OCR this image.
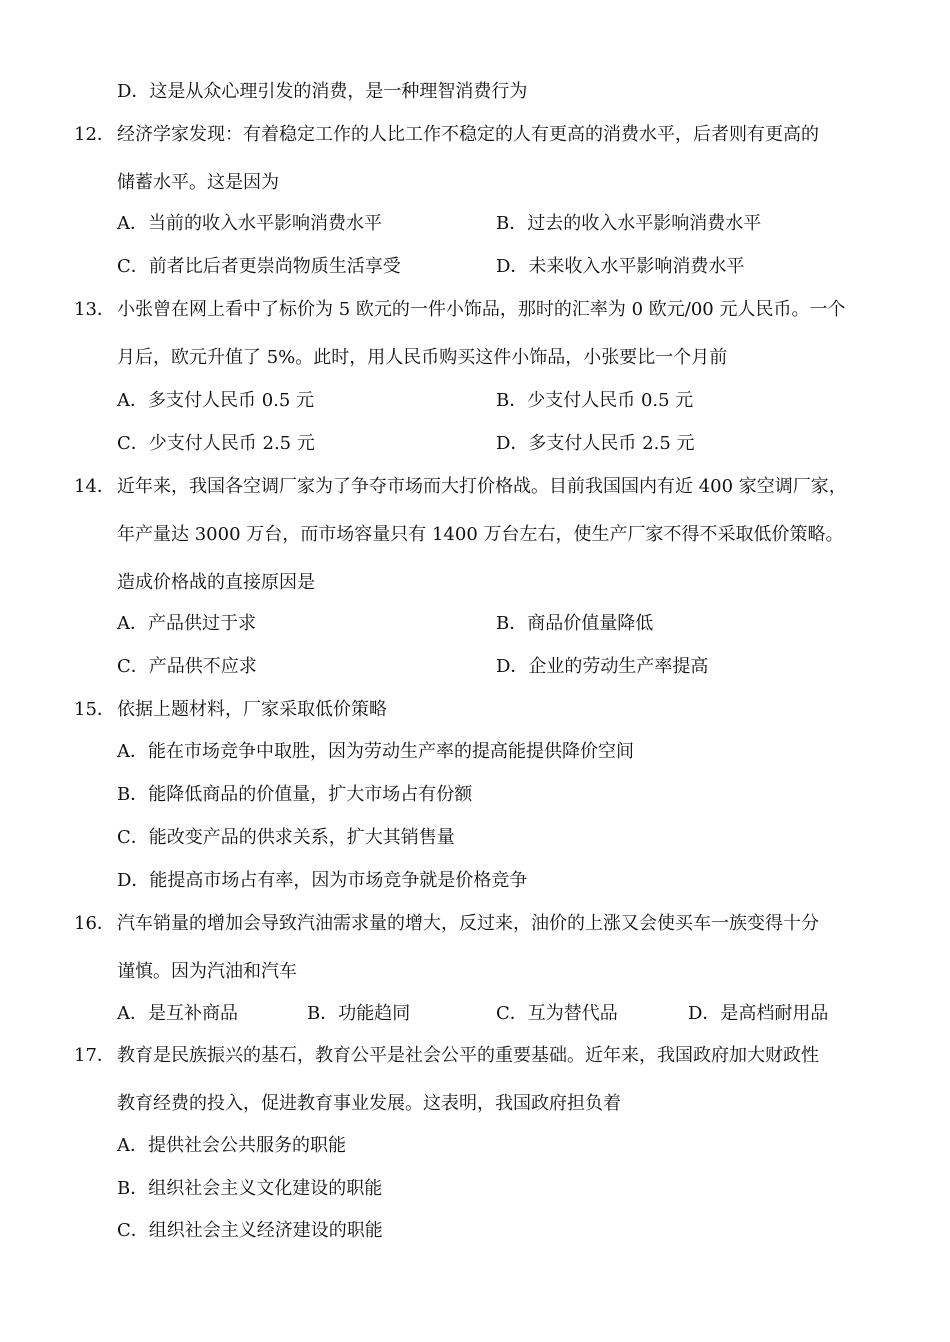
D．这是从众心理引发的消费，是一种理智消费行为
12． 经济学家发现：有着稳定工作的人比工作不稳定的人有更高的消费水平，后者则有更高的
储蓄水平。这是因为
A．当前的收入水平影响消费水平	B．过去的收入水平影响消费水平
C．前者比后者更崇尚物质生活享受	D．未来收入水平影响消费水平
13． 小张曾在网上看中了标价为 5 欧元的一件小饰品，那时的汇率为 0 欧元/00 元人民币。一个
月后，欧元升值了 5%。此时，用人民币购买这件小饰品，小张要比一个月前
A．多支付人民币 0.5 元	B．少支付人民币 0.5 元
C．少支付人民币 2.5 元	D．多支付人民币 2.5 元
14． 近年来，我国各空调厂家为了争夺市场而大打价格战。目前我国国内有近 400 家空调厂家，
年产量达 3000 万台，而市场容量只有 1400 万台左右，使生产厂家不得不采取低价策略。
造成价格战的直接原因是
A．产品供过于求	B．商品价值量降低
C．产品供不应求	D．企业的劳动生产率提高
15． 依据上题材料，厂家采取低价策略
A．能在市场竞争中取胜，因为劳动生产率的提高能提供降价空间
B．能降低商品的价值量，扩大市场占有份额
C．能改变产品的供求关系，扩大其销售量
D．能提高市场占有率，因为市场竞争就是价格竞争
16． 汽车销量的增加会导致汽油需求量的增大，反过来，油价的上涨又会使买车一族变得十分
谨慎。因为汽油和汽车
A．是互补商品	B．功能趋同	C．互为替代品	D．是高档耐用品
17． 教育是民族振兴的基石，教育公平是社会公平的重要基础。近年来，我国政府加大财政性
教育经费的投入，促进教育事业发展。这表明，我国政府担负着
A．提供社会公共服务的职能
B．组织社会主义文化建设的职能
C．组织社会主义经济建设的职能
